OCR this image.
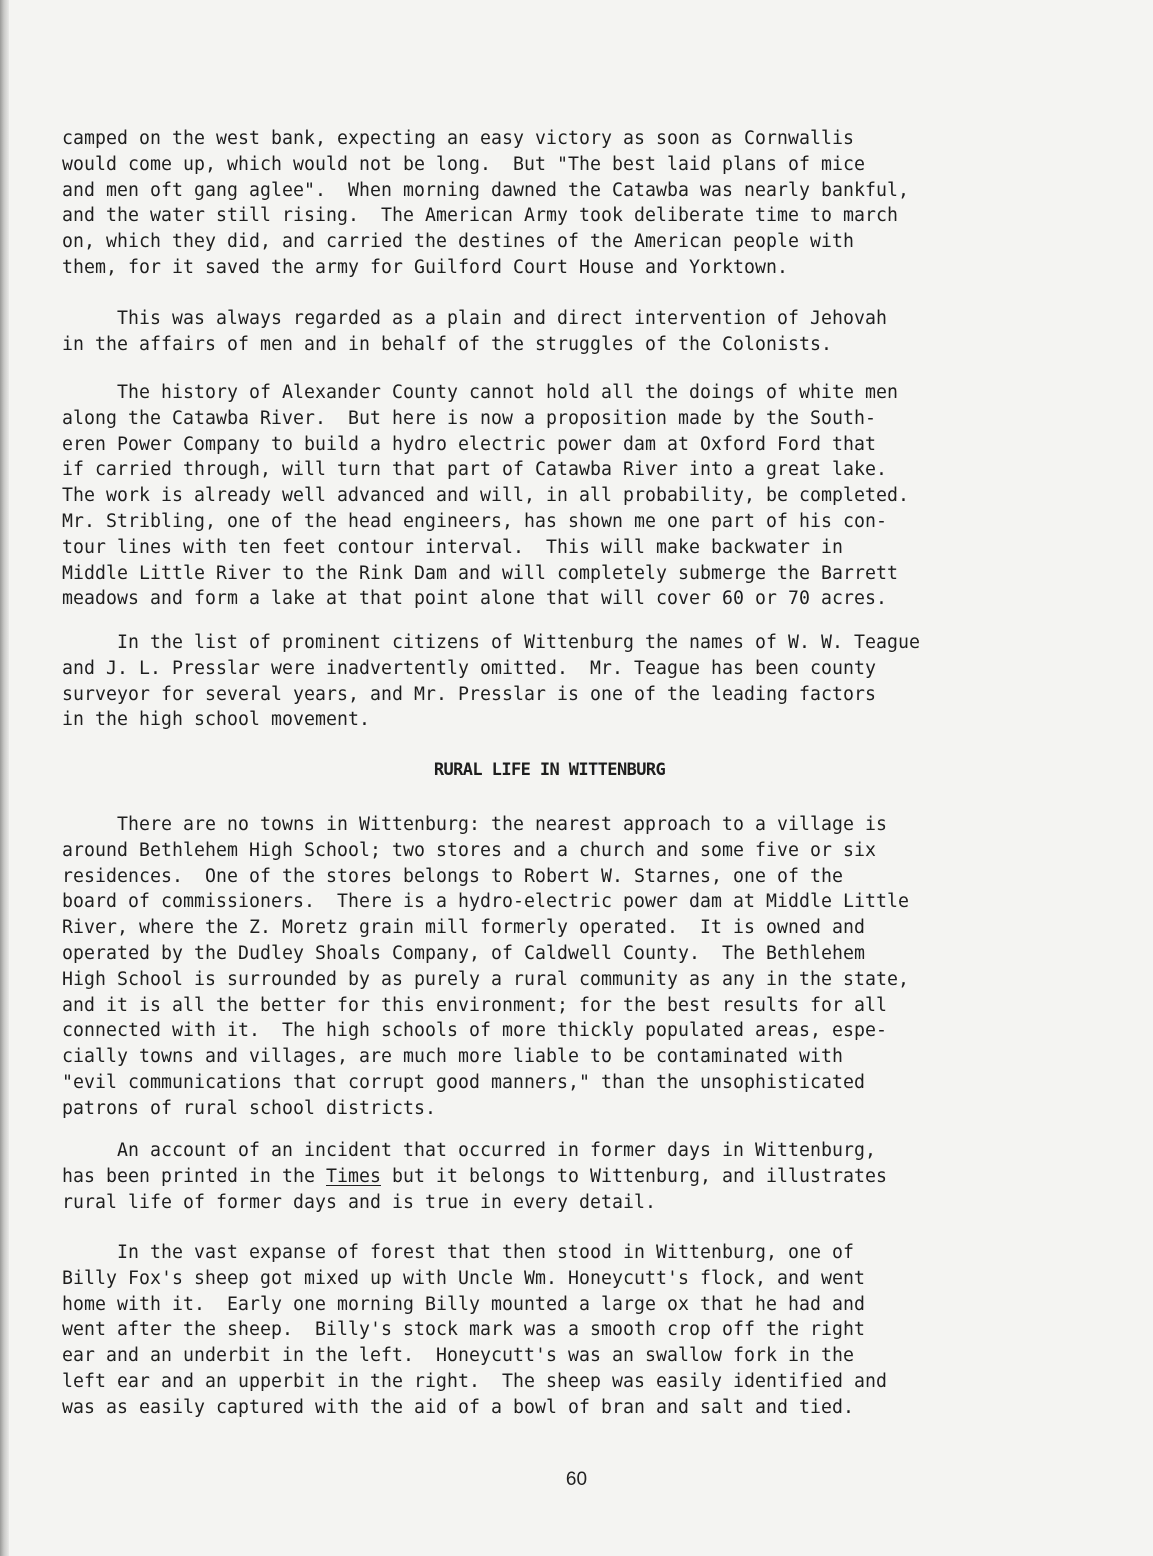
camped on the west bank, expecting an easy victory as soon as Cornwallis
would come up, which would not be long.  But "The best laid plans of mice
and men oft gang aglee".  When morning dawned the Catawba was nearly bankful,
and the water still rising.  The American Army took deliberate time to march
on, which they did, and carried the destines of the American people with
them, for it saved the army for Guilford Court House and Yorktown.

This was always regarded as a plain and direct intervention of Jehovah
in the affairs of men and in behalf of the struggles of the Colonists.

The history of Alexander County cannot hold all the doings of white men
along the Catawba River.  But here is now a proposition made by the South-
eren Power Company to build a hydro electric power dam at Oxford Ford that
if carried through, will turn that part of Catawba River into a great lake.
The work is already well advanced and will, in all probability, be completed.
Mr. Stribling, one of the head engineers, has shown me one part of his con-
tour lines with ten feet contour interval.  This will make backwater in
Middle Little River to the Rink Dam and will completely submerge the Barrett
meadows and form a lake at that point alone that will cover 60 or 70 acres.

In the list of prominent citizens of Wittenburg the names of W. W. Teague
and J. L. Presslar were inadvertently omitted.  Mr. Teague has been county
surveyor for several years, and Mr. Presslar is one of the leading factors
in the high school movement.

RURAL LIFE IN WITTENBURG

There are no towns in Wittenburg: the nearest approach to a village is
around Bethlehem High School; two stores and a church and some five or six
residences.  One of the stores belongs to Robert W. Starnes, one of the
board of commissioners.  There is a hydro-electric power dam at Middle Little
River, where the Z. Moretz grain mill formerly operated.  It is owned and
operated by the Dudley Shoals Company, of Caldwell County.  The Bethlehem
High School is surrounded by as purely a rural community as any in the state,
and it is all the better for this environment; for the best results for all
connected with it.  The high schools of more thickly populated areas, espe-
cially towns and villages, are much more liable to be contaminated with
"evil communications that corrupt good manners," than the unsophisticated
patrons of rural school districts.

An account of an incident that occurred in former days in Wittenburg,
has been printed in the Times but it belongs to Wittenburg, and illustrates
rural life of former days and is true in every detail.

In the vast expanse of forest that then stood in Wittenburg, one of
Billy Fox's sheep got mixed up with Uncle Wm. Honeycutt's flock, and went
home with it.  Early one morning Billy mounted a large ox that he had and
went after the sheep.  Billy's stock mark was a smooth crop off the right
ear and an underbit in the left.  Honeycutt's was an swallow fork in the
left ear and an upperbit in the right.  The sheep was easily identified and
was as easily captured with the aid of a bowl of bran and salt and tied.

60
